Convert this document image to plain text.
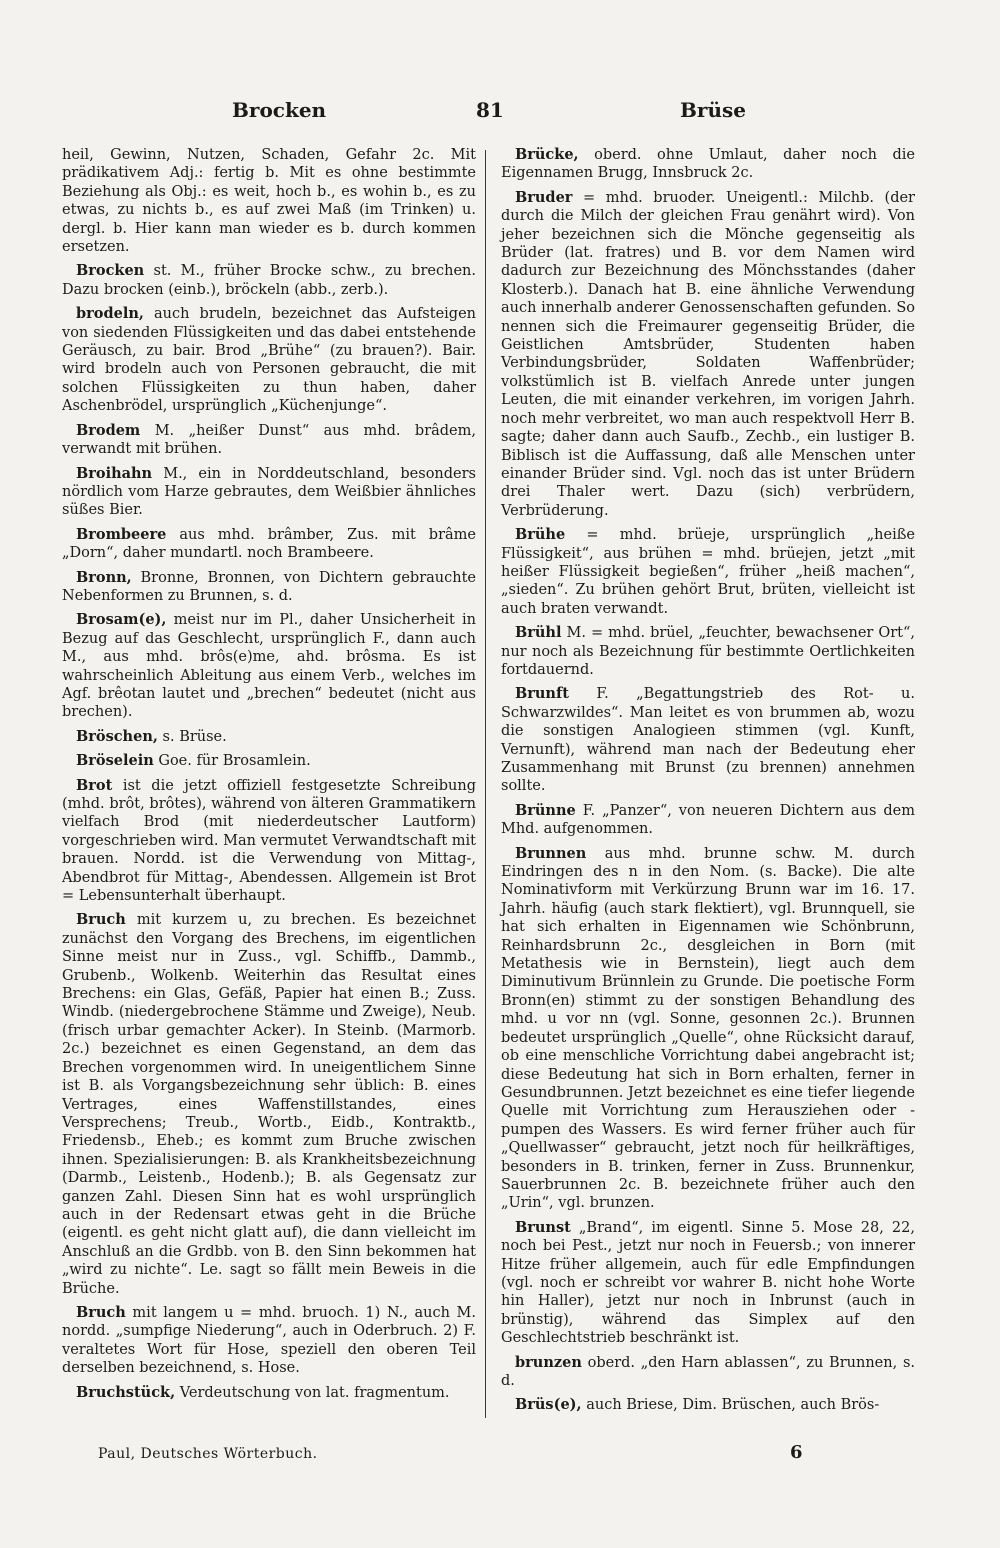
Brocken	81	Brüse

heil, Gewinn, Nutzen, Schaden, Gefahr 2c. Mit prädikativem Adj.: fertig b. Mit es ohne bestimmte Beziehung als Obj.: es weit, hoch b., es wohin b., es zu etwas, zu nichts b., es auf zwei Maß (im Trinken) u. dergl. b. Hier kann man wieder es b. durch kommen ersetzen.

Brocken st. M., früher Brocke schw., zu brechen. Dazu brocken (einb.), bröckeln (abb., zerb.).

brodeln, auch brudeln, bezeichnet das Aufsteigen von siedenden Flüssigkeiten und das dabei entstehende Geräusch, zu bair. Brod „Brühe“ (zu brauen?). Bair. wird brodeln auch von Personen gebraucht, die mit solchen Flüssigkeiten zu thun haben, daher Aschenbrödel, ursprünglich „Küchenjunge“.

Brodem M. „heißer Dunst“ aus mhd. brâdem, verwandt mit brühen.

Broihahn M., ein in Norddeutschland, besonders nördlich vom Harze gebrautes, dem Weißbier ähnliches süßes Bier.

Brombeere aus mhd. brâmber, Zus. mit brâme „Dorn“, daher mundartl. noch Brambeere.

Bronn, Bronne, Bronnen, von Dichtern gebrauchte Nebenformen zu Brunnen, s. d.

Brosam(e), meist nur im Pl., daher Unsicherheit in Bezug auf das Geschlecht, ursprünglich F., dann auch M., aus mhd. brôs(e)me, ahd. brôsma. Es ist wahrscheinlich Ableitung aus einem Verb., welches im Agf. brêotan lautet und „brechen“ bedeutet (nicht aus brechen).

Bröschen, s. Brüse.

Bröselein Goe. für Brosamlein.

Brot ist die jetzt offiziell festgesetzte Schreibung (mhd. brôt, brôtes), während von älteren Grammatikern vielfach Brod (mit niederdeutscher Lautform) vorgeschrieben wird. Man vermutet Verwandtschaft mit brauen. Nordd. ist die Verwendung von Mittag-, Abendbrot für Mittag-, Abendessen. Allgemein ist Brot = Lebensunterhalt überhaupt.

Bruch mit kurzem u, zu brechen. Es bezeichnet zunächst den Vorgang des Brechens, im eigentlichen Sinne meist nur in Zuss., vgl. Schiffb., Dammb., Grubenb., Wolkenb. Weiterhin das Resultat eines Brechens: ein Glas, Gefäß, Papier hat einen B.; Zuss. Windb. (niedergebrochene Stämme und Zweige), Neub. (frisch urbar gemachter Acker). In Steinb. (Marmorb. 2c.) bezeichnet es einen Gegenstand, an dem das Brechen vorgenommen wird. In uneigentlichem Sinne ist B. als Vorgangsbezeichnung sehr üblich: B. eines Vertrages, eines Waffenstillstandes, eines Versprechens; Treub., Wortb., Eidb., Kontraktb., Friedensb., Eheb.; es kommt zum Bruche zwischen ihnen. Spezialisierungen: B. als Krankheitsbezeichnung (Darmb., Leistenb., Hodenb.); B. als Gegensatz zur ganzen Zahl. Diesen Sinn hat es wohl ursprünglich auch in der Redensart etwas geht in die Brüche (eigentl. es geht nicht glatt auf), die dann vielleicht im Anschluß an die Grdbb. von B. den Sinn bekommen hat „wird zu nichte“. Le. sagt so fällt mein Beweis in die Brüche.

Bruch mit langem u = mhd. bruoch. 1) N., auch M. nordd. „sumpfige Niederung“, auch in Oderbruch. 2) F. veraltetes Wort für Hose, speziell den oberen Teil derselben bezeichnend, s. Hose.

Bruchstück, Verdeutschung von lat. fragmentum.

Brücke, oberd. ohne Umlaut, daher noch die Eigennamen Brugg, Innsbruck 2c.

Bruder = mhd. bruoder. Uneigentl.: Milchb. (der durch die Milch der gleichen Frau genährt wird). Von jeher bezeichnen sich die Mönche gegenseitig als Brüder (lat. fratres) und B. vor dem Namen wird dadurch zur Bezeichnung des Mönchsstandes (daher Klosterb.). Danach hat B. eine ähnliche Verwendung auch innerhalb anderer Genossenschaften gefunden. So nennen sich die Freimaurer gegenseitig Brüder, die Geistlichen Amtsbrüder, Studenten haben Verbindungsbrüder, Soldaten Waffenbrüder; volkstümlich ist B. vielfach Anrede unter jungen Leuten, die mit einander verkehren, im vorigen Jahrh. noch mehr verbreitet, wo man auch respektvoll Herr B. sagte; daher dann auch Saufb., Zechb., ein lustiger B. Biblisch ist die Auffassung, daß alle Menschen unter einander Brüder sind. Vgl. noch das ist unter Brüdern drei Thaler wert. Dazu (sich) verbrüdern, Verbrüderung.

Brühe = mhd. brüeje, ursprünglich „heiße Flüssigkeit“, aus brühen = mhd. brüejen, jetzt „mit heißer Flüssigkeit begießen“, früher „heiß machen“, „sieden“. Zu brühen gehört Brut, brüten, vielleicht ist auch braten verwandt.

Brühl M. = mhd. brüel, „feuchter, bewachsener Ort“, nur noch als Bezeichnung für bestimmte Oertlichkeiten fortdauernd.

Brunft F. „Begattungstrieb des Rot- u. Schwarzwildes“. Man leitet es von brummen ab, wozu die sonstigen Analogieen stimmen (vgl. Kunft, Vernunft), während man nach der Bedeutung eher Zusammenhang mit Brunst (zu brennen) annehmen sollte.

Brünne F. „Panzer“, von neueren Dichtern aus dem Mhd. aufgenommen.

Brunnen aus mhd. brunne schw. M. durch Eindringen des n in den Nom. (s. Backe). Die alte Nominativform mit Verkürzung Brunn war im 16. 17. Jahrh. häufig (auch stark flektiert), vgl. Brunnquell, sie hat sich erhalten in Eigennamen wie Schönbrunn, Reinhardsbrunn 2c., desgleichen in Born (mit Metathesis wie in Bernstein), liegt auch dem Diminutivum Brünnlein zu Grunde. Die poetische Form Bronn(en) stimmt zu der sonstigen Behandlung des mhd. u vor nn (vgl. Sonne, gesonnen 2c.). Brunnen bedeutet ursprünglich „Quelle“, ohne Rücksicht darauf, ob eine menschliche Vorrichtung dabei angebracht ist; diese Bedeutung hat sich in Born erhalten, ferner in Gesundbrunnen. Jetzt bezeichnet es eine tiefer liegende Quelle mit Vorrichtung zum Herausziehen oder -pumpen des Wassers. Es wird ferner früher auch für „Quellwasser“ gebraucht, jetzt noch für heilkräftiges, besonders in B. trinken, ferner in Zuss. Brunnenkur, Sauerbrunnen 2c. B. bezeichnete früher auch den „Urin“, vgl. brunzen.

Brunst „Brand“, im eigentl. Sinne 5. Mose 28, 22, noch bei Pest., jetzt nur noch in Feuersb.; von innerer Hitze früher allgemein, auch für edle Empfindungen (vgl. noch er schreibt vor wahrer B. nicht hohe Worte hin Haller), jetzt nur noch in Inbrunst (auch in brünstig), während das Simplex auf den Geschlechtstrieb beschränkt ist.

brunzen oberd. „den Harn ablassen“, zu Brunnen, s. d.

Brüs(e), auch Briese, Dim. Brüschen, auch Brös-

Paul, Deutsches Wörterbuch.	6
